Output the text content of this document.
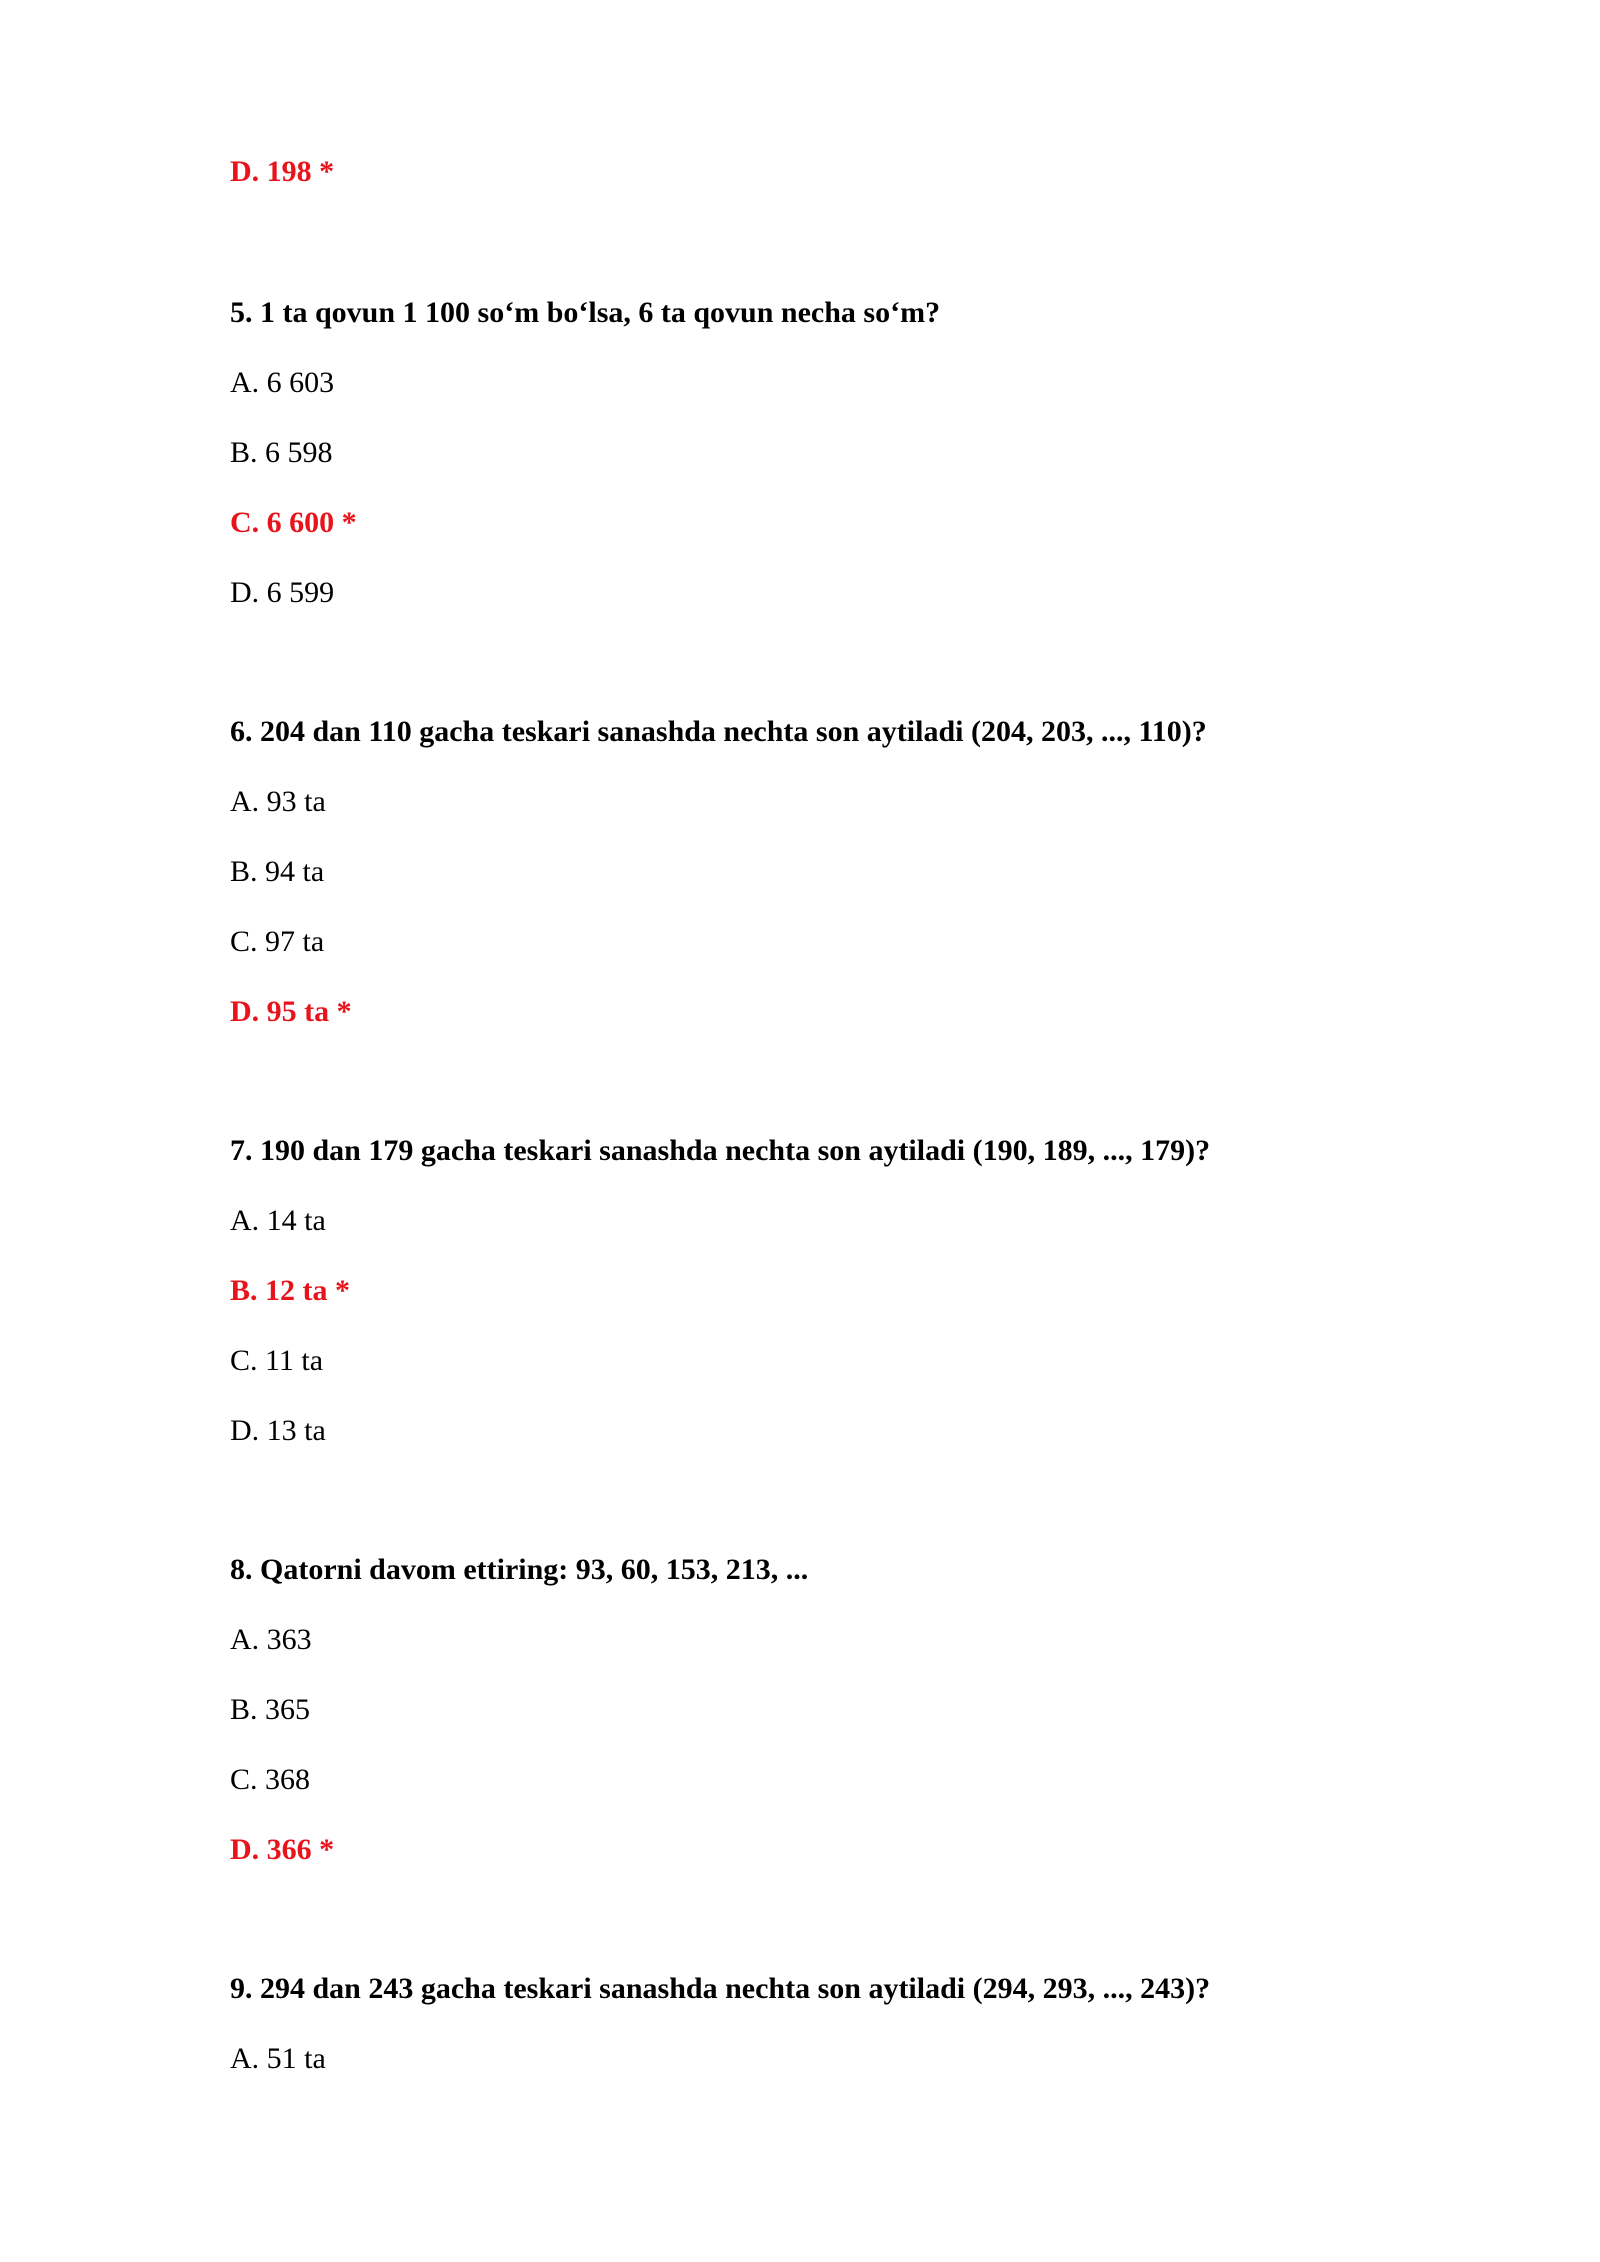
D. 198 *
5. 1 ta qovun 1 100 so‘m bo‘lsa, 6 ta qovun necha so‘m?
A. 6 603
B. 6 598
C. 6 600 *
D. 6 599
6. 204 dan 110 gacha teskari sanashda nechta son aytiladi (204, 203, ..., 110)?
A. 93 ta
B. 94 ta
C. 97 ta
D. 95 ta *
7. 190 dan 179 gacha teskari sanashda nechta son aytiladi (190, 189, ..., 179)?
A. 14 ta
B. 12 ta *
C. 11 ta
D. 13 ta
8. Qatorni davom ettiring: 93, 60, 153, 213, ...
A. 363
B. 365
C. 368
D. 366 *
9. 294 dan 243 gacha teskari sanashda nechta son aytiladi (294, 293, ..., 243)?
A. 51 ta
